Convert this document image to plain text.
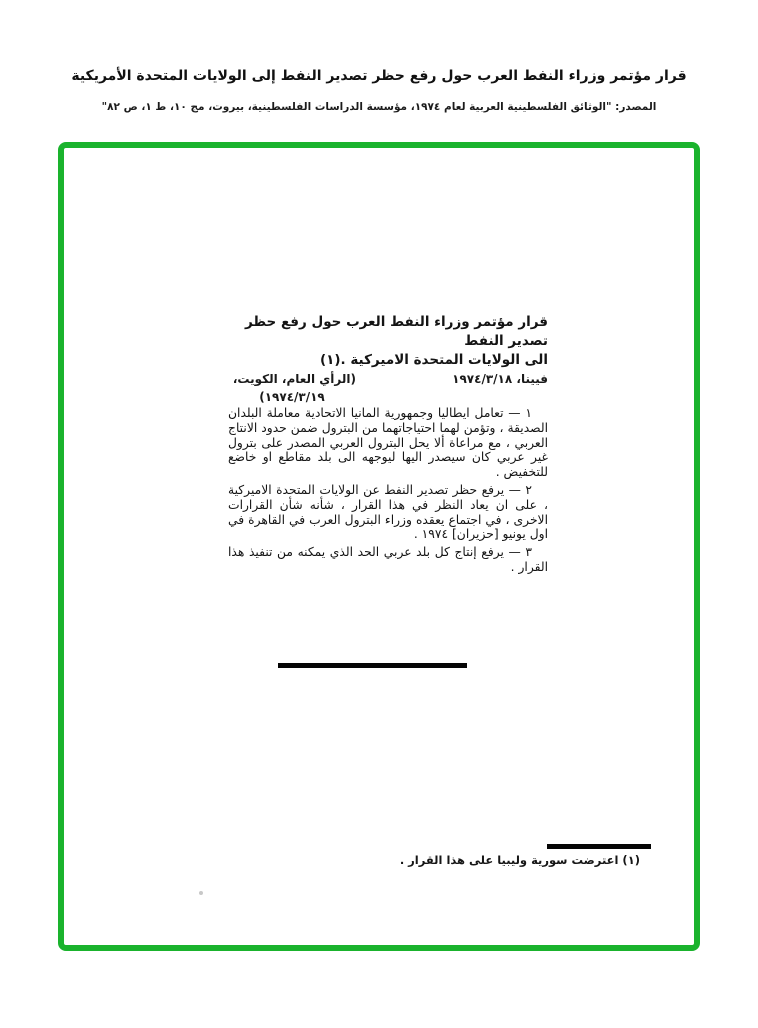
قرار مؤتمر وزراء النفط العرب حول رفع حظر تصدير النفط إلى الولايات المتحدة الأمريكية
المصدر: "الوثائق الفلسطينية العربية لعام ١٩٧٤، مؤسسة الدراسات الفلسطينية، بيروت، مج ١٠، ط ١، ص ٨٢"
قرار مؤتمر وزراء النفط العرب حول رفع حظر تصدير النفط
الى الولايات المتحدة الاميركية .(١)
فيينا، ١٩٧٤/٣/١٨
(الرأي العام، الكويت،
١٩٧٤/٣/١٩)

١ — تعامل ايطاليا وجمهورية المانيا الاتحادية معاملة البلدان الصديقة ، وتؤمن لهما احتياجاتهما من البترول ضمن حدود الانتاج العربي ، مع مراعاة ألا يحل البترول العربي المصدر على بترول غير عربي كان سيصدر اليها ليوجهه الى بلد مقاطع او خاضع للتخفيض .

٢ — يرفع حظر تصدير النفط عن الولايات المتحدة الاميركية ، على ان يعاد النظر في هذا القرار ، شأنه شأن القرارات الاخرى ، في اجتماع يعقده وزراء البترول العرب في القاهرة في اول يونيو [حزيران] ١٩٧٤ .

٣ — يرفع إنتاج كل بلد عربي الحد الذي يمكنه من تنفيذ هذا القرار .

(١) اعترضت سورية وليبيا على هذا القرار .
